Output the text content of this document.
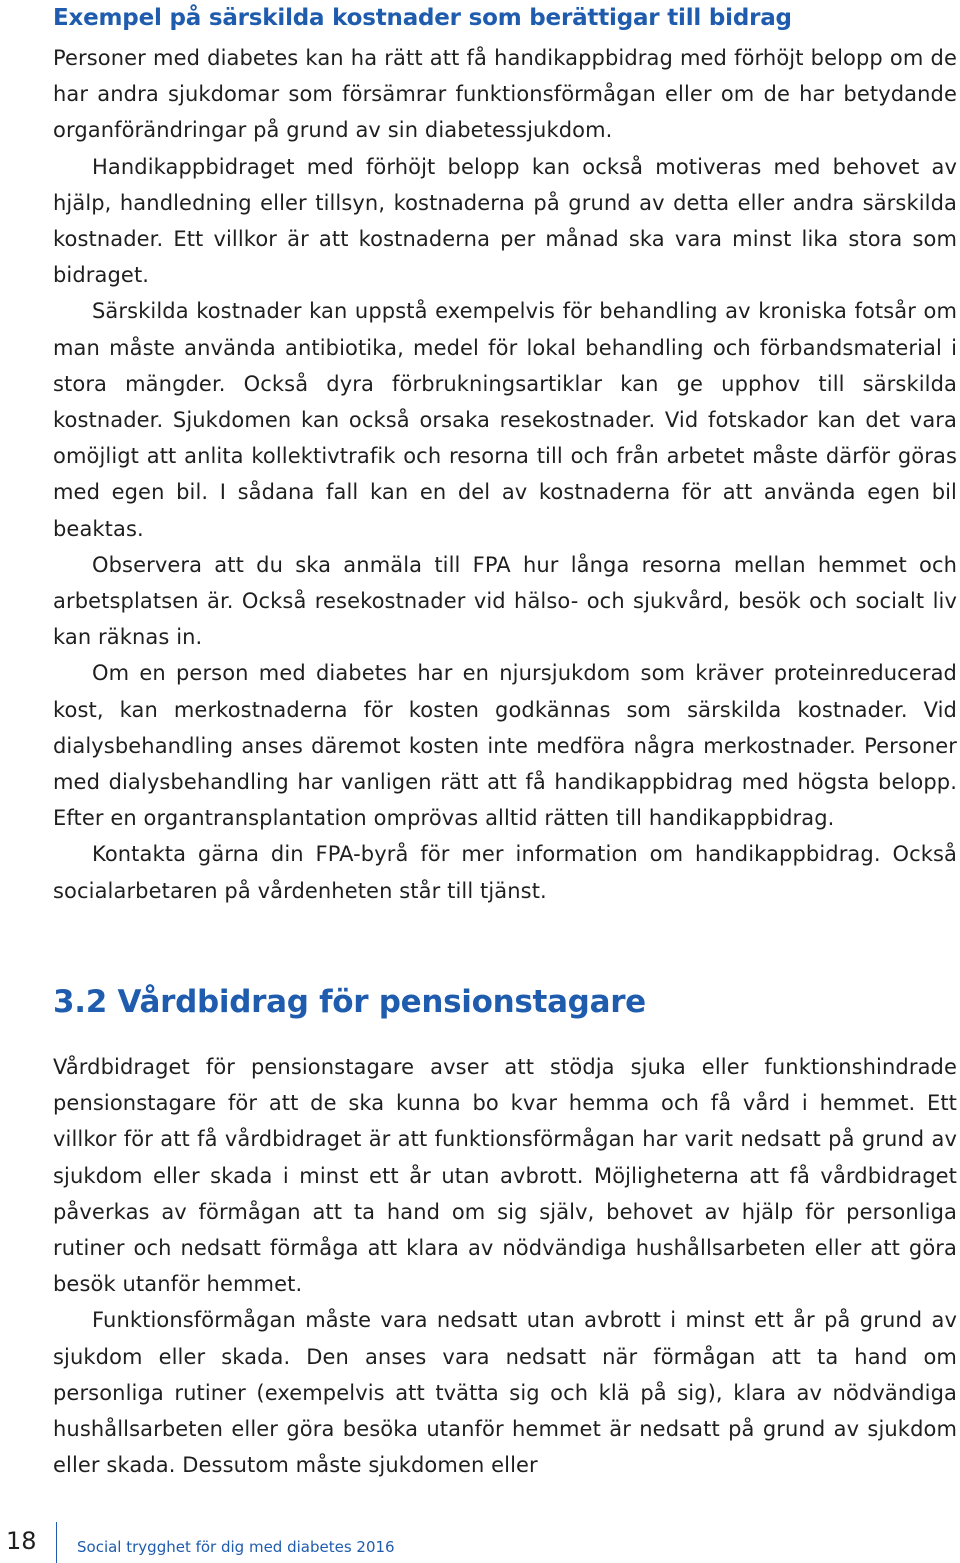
Exempel på särskilda kostnader som berättigar till bidrag

Personer med diabetes kan ha rätt att få handikappbidrag med förhöjt belopp om de har andra sjukdomar som försämrar funktionsförmågan eller om de har betydande organförändringar på grund av sin diabetessjukdom.

Handikappbidraget med förhöjt belopp kan också motiveras med behovet av hjälp, handledning eller tillsyn, kostnaderna på grund av detta eller andra särskilda kostnader. Ett villkor är att kostnaderna per månad ska vara minst lika stora som bidraget.

Särskilda kostnader kan uppstå exempelvis för behandling av kroniska fotsår om man måste använda antibiotika, medel för lokal behandling och förbandsmaterial i stora mängder. Också dyra förbrukningsartiklar kan ge upphov till särskilda kostnader. Sjukdomen kan också orsaka resekostnader. Vid fotskador kan det vara omöjligt att anlita kollektivtrafik och resorna till och från arbetet måste därför göras med egen bil. I sådana fall kan en del av kostnaderna för att använda egen bil beaktas.

Observera att du ska anmäla till FPA hur långa resorna mellan hemmet och arbetsplatsen är. Också resekostnader vid hälso- och sjukvård, besök och socialt liv kan räknas in.

Om en person med diabetes har en njursjukdom som kräver proteinreducerad kost, kan merkostnaderna för kosten godkännas som särskilda kostnader. Vid dialysbehandling anses däremot kosten inte medföra några merkostnader. Personer med dialysbehandling har vanligen rätt att få handikappbidrag med högsta belopp. Efter en organtransplantation omprövas alltid rätten till handikappbidrag.

Kontakta gärna din FPA-byrå för mer information om handikappbidrag. Också socialarbetaren på vårdenheten står till tjänst.

3.2 Vårdbidrag för pensionstagare

Vårdbidraget för pensionstagare avser att stödja sjuka eller funktionshindrade pensionstagare för att de ska kunna bo kvar hemma och få vård i hemmet. Ett villkor för att få vårdbidraget är att funktionsförmågan har varit nedsatt på grund av sjukdom eller skada i minst ett år utan avbrott. Möjligheterna att få vårdbidraget påverkas av förmågan att ta hand om sig själv, behovet av hjälp för personliga rutiner och nedsatt förmåga att klara av nödvändiga hushållsarbeten eller att göra besök utanför hemmet.

Funktionsförmågan måste vara nedsatt utan avbrott i minst ett år på grund av sjukdom eller skada. Den anses vara nedsatt när förmågan att ta hand om personliga rutiner (exempelvis att tvätta sig och klä på sig), klara av nödvändiga hushållsarbeten eller göra besöka utanför hemmet är nedsatt på grund av sjukdom eller skada. Dessutom måste sjukdomen eller

18	Social trygghet för dig med diabetes 2016
